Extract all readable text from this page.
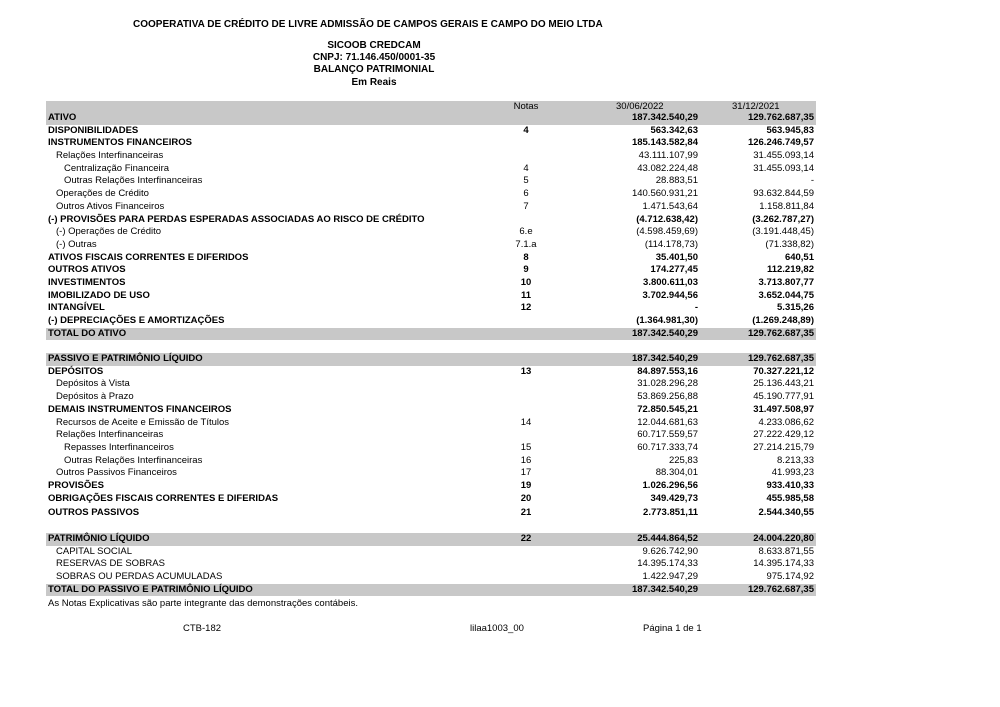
COOPERATIVA DE CRÉDITO DE LIVRE ADMISSÃO DE CAMPOS GERAIS E CAMPO DO MEIO LTDA
SICOOB CREDCAM
CNPJ: 71.146.450/0001-35
BALANÇO PATRIMONIAL
Em Reais
Notas	30/06/2022	31/12/2021
ATIVO	187.342.540,29	129.762.687,35
DISPONIBILIDADES	4	563.342,63	563.945,83
INSTRUMENTOS FINANCEIROS	185.143.582,84	126.246.749,57
Relações Interfinanceiras	43.111.107,99	31.455.093,14
Centralização Financeira	4	43.082.224,48	31.455.093,14
Outras Relações Interfinanceiras	5	28.883,51	-
Operações de Crédito	6	140.560.931,21	93.632.844,59
Outros Ativos Financeiros	7	1.471.543,64	1.158.811,84
(-) PROVISÕES PARA PERDAS ESPERADAS ASSOCIADAS AO RISCO DE CRÉDITO	(4.712.638,42)	(3.262.787,27)
(-) Operações de Crédito	6.e	(4.598.459,69)	(3.191.448,45)
(-) Outras	7.1.a	(114.178,73)	(71.338,82)
ATIVOS FISCAIS CORRENTES E DIFERIDOS	8	35.401,50	640,51
OUTROS ATIVOS	9	174.277,45	112.219,82
INVESTIMENTOS	10	3.800.611,03	3.713.807,77
IMOBILIZADO DE USO	11	3.702.944,56	3.652.044,75
INTANGÍVEL	12	-	5.315,26
(-) DEPRECIAÇÕES E AMORTIZAÇÕES	(1.364.981,30)	(1.269.248,89)
TOTAL DO ATIVO	187.342.540,29	129.762.687,35
PASSIVO E PATRIMÔNIO LÍQUIDO	187.342.540,29	129.762.687,35
DEPÓSITOS	13	84.897.553,16	70.327.221,12
Depósitos à Vista	31.028.296,28	25.136.443,21
Depósitos à Prazo	53.869.256,88	45.190.777,91
DEMAIS INSTRUMENTOS FINANCEIROS	72.850.545,21	31.497.508,97
Recursos de Aceite e Emissão de Títulos	14	12.044.681,63	4.233.086,62
Relações Interfinanceiras	60.717.559,57	27.222.429,12
Repasses Interfinanceiros	15	60.717.333,74	27.214.215,79
Outras Relações Interfinanceiras	16	225,83	8.213,33
Outros Passivos Financeiros	17	88.304,01	41.993,23
PROVISÕES	19	1.026.296,56	933.410,33
OBRIGAÇÕES FISCAIS CORRENTES E DIFERIDAS	20	349.429,73	455.985,58
OUTROS PASSIVOS	21	2.773.851,11	2.544.340,55
PATRIMÔNIO LÍQUIDO	22	25.444.864,52	24.004.220,80
CAPITAL SOCIAL	9.626.742,90	8.633.871,55
RESERVAS DE SOBRAS	14.395.174,33	14.395.174,33
SOBRAS OU PERDAS ACUMULADAS	1.422.947,29	975.174,92
TOTAL DO PASSIVO E PATRIMÔNIO LÍQUIDO	187.342.540,29	129.762.687,35
As Notas Explicativas são parte integrante das demonstrações contábeis.
CTB-182	lilaa1003_00	Página 1 de 1
